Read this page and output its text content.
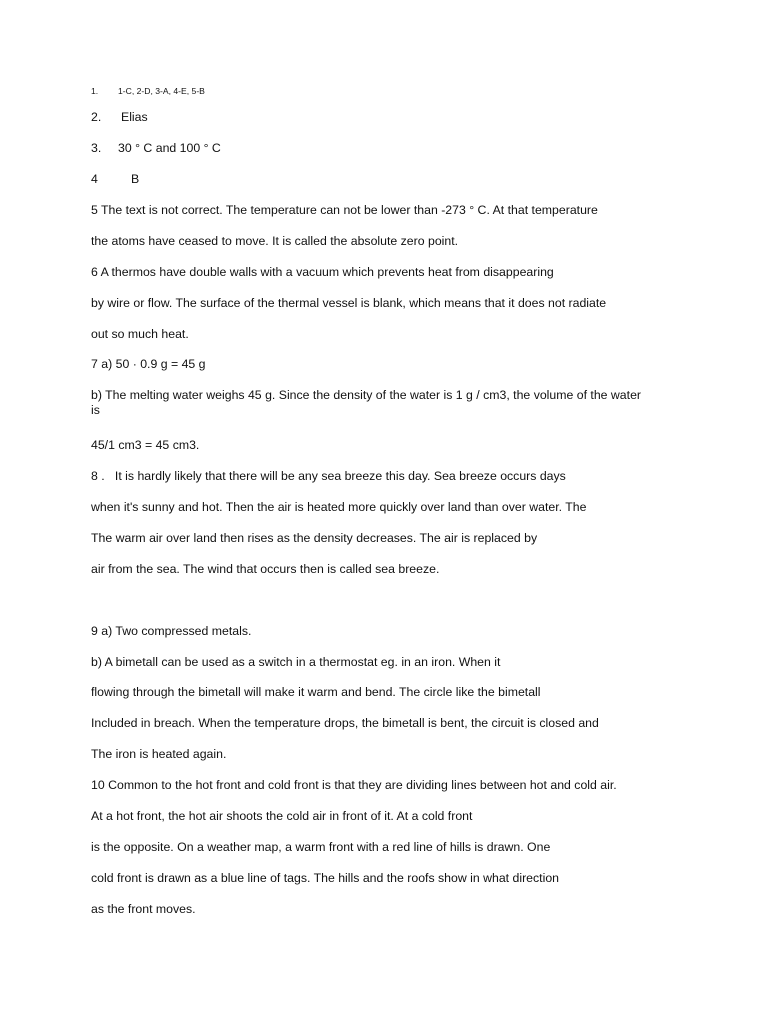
1. 1-C, 2-D, 3-A, 4-E, 5-B
2. Elias
3. 30 ° C and 100 ° C
4	B
5 The text is not correct. The temperature can not be lower than -273 ° C. At that temperature
the atoms have ceased to move. It is called the absolute zero point.
6 A thermos have double walls with a vacuum which prevents heat from disappearing
by wire or flow. The surface of the thermal vessel is blank, which means that it does not radiate
out so much heat.
7 a) 50 · 0.9 g = 45 g
b) The melting water weighs 45 g. Since the density of the water is 1 g / cm3, the volume of the water is
45/1 cm3 = 45 cm3.
8 .   It is hardly likely that there will be any sea breeze this day. Sea breeze occurs days
when it's sunny and hot. Then the air is heated more quickly over land than over water. The
The warm air over land then rises as the density decreases. The air is replaced by
air from the sea. The wind that occurs then is called sea breeze.
9 a) Two compressed metals.
b) A bimetall can be used as a switch in a thermostat eg. in an iron. When it
flowing through the bimetall will make it warm and bend. The circle like the bimetall
Included in breach. When the temperature drops, the bimetall is bent, the circuit is closed and
The iron is heated again.
10 Common to the hot front and cold front is that they are dividing lines between hot and cold air.
At a hot front, the hot air shoots the cold air in front of it. At a cold front
is the opposite. On a weather map, a warm front with a red line of hills is drawn. One
cold front is drawn as a blue line of tags. The hills and the roofs show in what direction
as the front moves.
